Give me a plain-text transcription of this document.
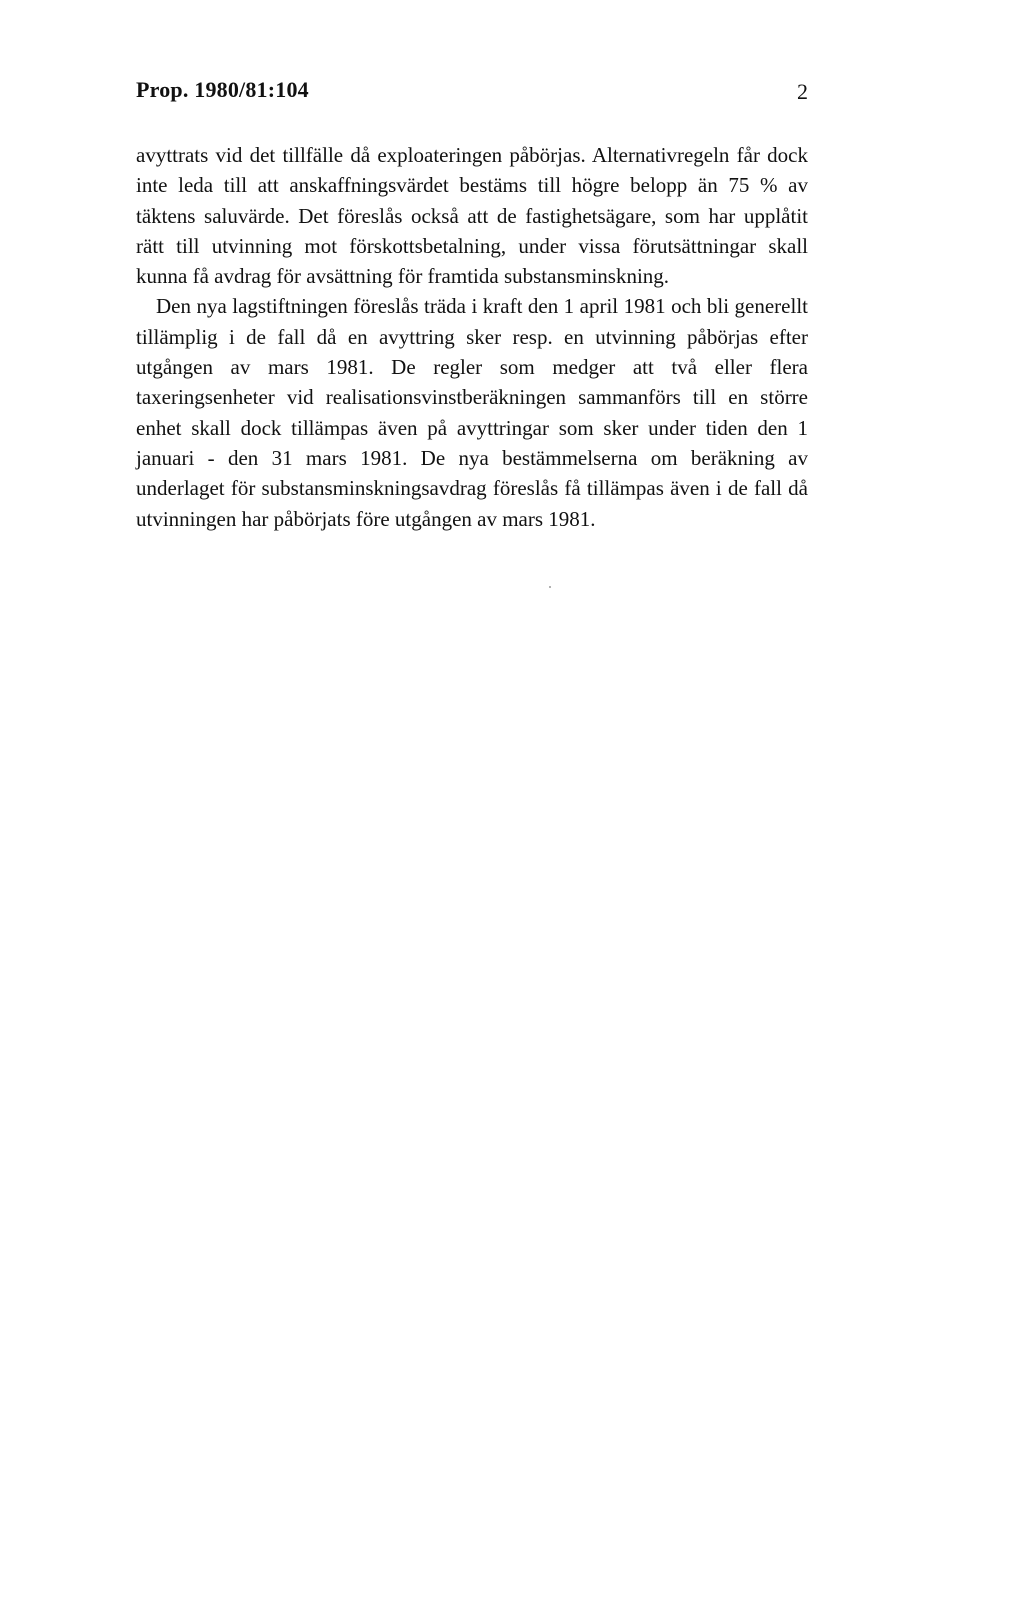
Prop. 1980/81:104	2

avyttrats vid det tillfälle då exploateringen påbörjas. Alternativregeln får dock inte leda till att anskaffningsvärdet bestäms till högre belopp än 75 % av täktens saluvärde. Det föreslås också att de fastighetsägare, som har upplåtit rätt till utvinning mot förskottsbetalning, under vissa förutsättningar skall kunna få avdrag för avsättning för framtida substansminskning.

Den nya lagstiftningen föreslås träda i kraft den 1 april 1981 och bli generellt tillämplig i de fall då en avyttring sker resp. en utvinning påbörjas efter utgången av mars 1981. De regler som medger att två eller flera taxeringsenheter vid realisationsvinstberäkningen sammanförs till en större enhet skall dock tillämpas även på avyttringar som sker under tiden den 1 januari - den 31 mars 1981. De nya bestämmelserna om beräkning av underlaget för substansminskningsavdrag föreslås få tillämpas även i de fall då utvinningen har påbörjats före utgången av mars 1981.
